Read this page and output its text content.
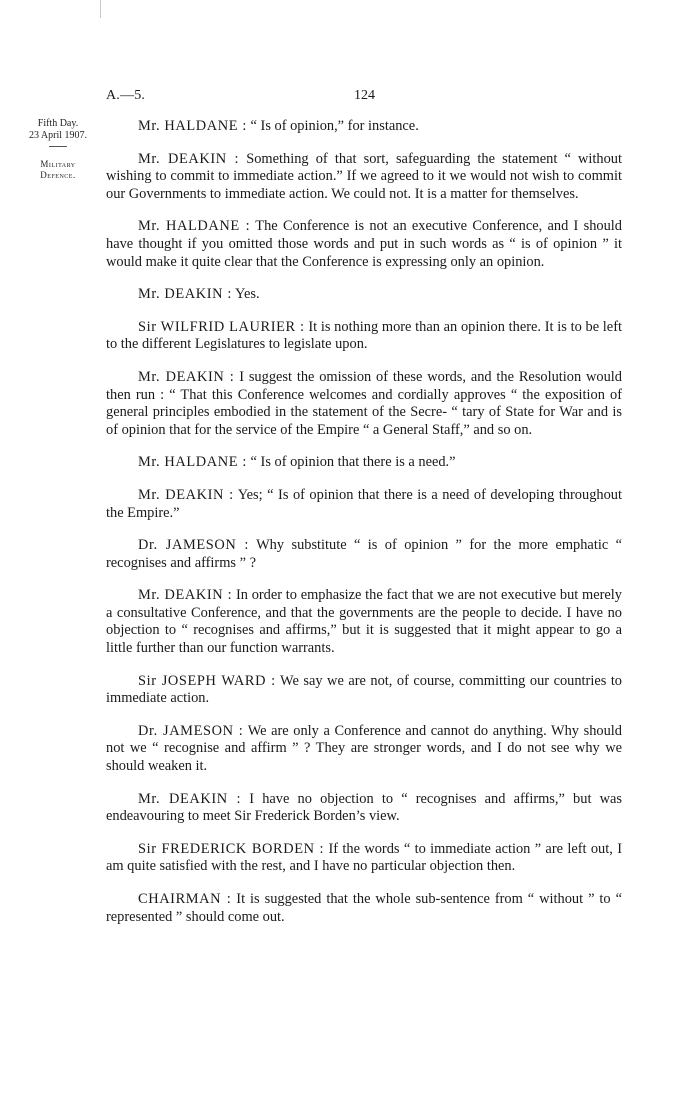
A.—5.	124
Fifth Day.
23 April 1907.
Military
Defence.

Mr. HALDANE : “ Is of opinion,” for instance.

Mr. DEAKIN : Something of that sort, safeguarding the statement “ without wishing to commit to immediate action.” If we agreed to it we would not wish to commit our Governments to immediate action. We could not. It is a matter for themselves.

Mr. HALDANE : The Conference is not an executive Conference, and I should have thought if you omitted those words and put in such words as “ is of opinion ” it would make it quite clear that the Conference is expressing only an opinion.

Mr. DEAKIN : Yes.

Sir WILFRID LAURIER : It is nothing more than an opinion there. It is to be left to the different Legislatures to legislate upon.

Mr. DEAKIN : I suggest the omission of these words, and the Resolution would then run : “ That this Conference welcomes and cordially approves “ the exposition of general principles embodied in the statement of the Secre- “ tary of State for War and is of opinion that for the service of the Empire “ a General Staff,” and so on.

Mr. HALDANE : “ Is of opinion that there is a need.”

Mr. DEAKIN : Yes; “ Is of opinion that there is a need of developing throughout the Empire.”

Dr. JAMESON : Why substitute “ is of opinion ” for the more emphatic “ recognises and affirms ” ?

Mr. DEAKIN : In order to emphasize the fact that we are not executive but merely a consultative Conference, and that the governments are the people to decide. I have no objection to “ recognises and affirms,” but it is suggested that it might appear to go a little further than our function warrants.

Sir JOSEPH WARD : We say we are not, of course, committing our countries to immediate action.

Dr. JAMESON : We are only a Conference and cannot do anything. Why should not we “ recognise and affirm ” ? They are stronger words, and I do not see why we should weaken it.

Mr. DEAKIN : I have no objection to “ recognises and affirms,” but was endeavouring to meet Sir Frederick Borden’s view.

Sir FREDERICK BORDEN : If the words “ to immediate action ” are left out, I am quite satisfied with the rest, and I have no particular objection then.

CHAIRMAN : It is suggested that the whole sub-sentence from “ without ” to “ represented ” should come out.
